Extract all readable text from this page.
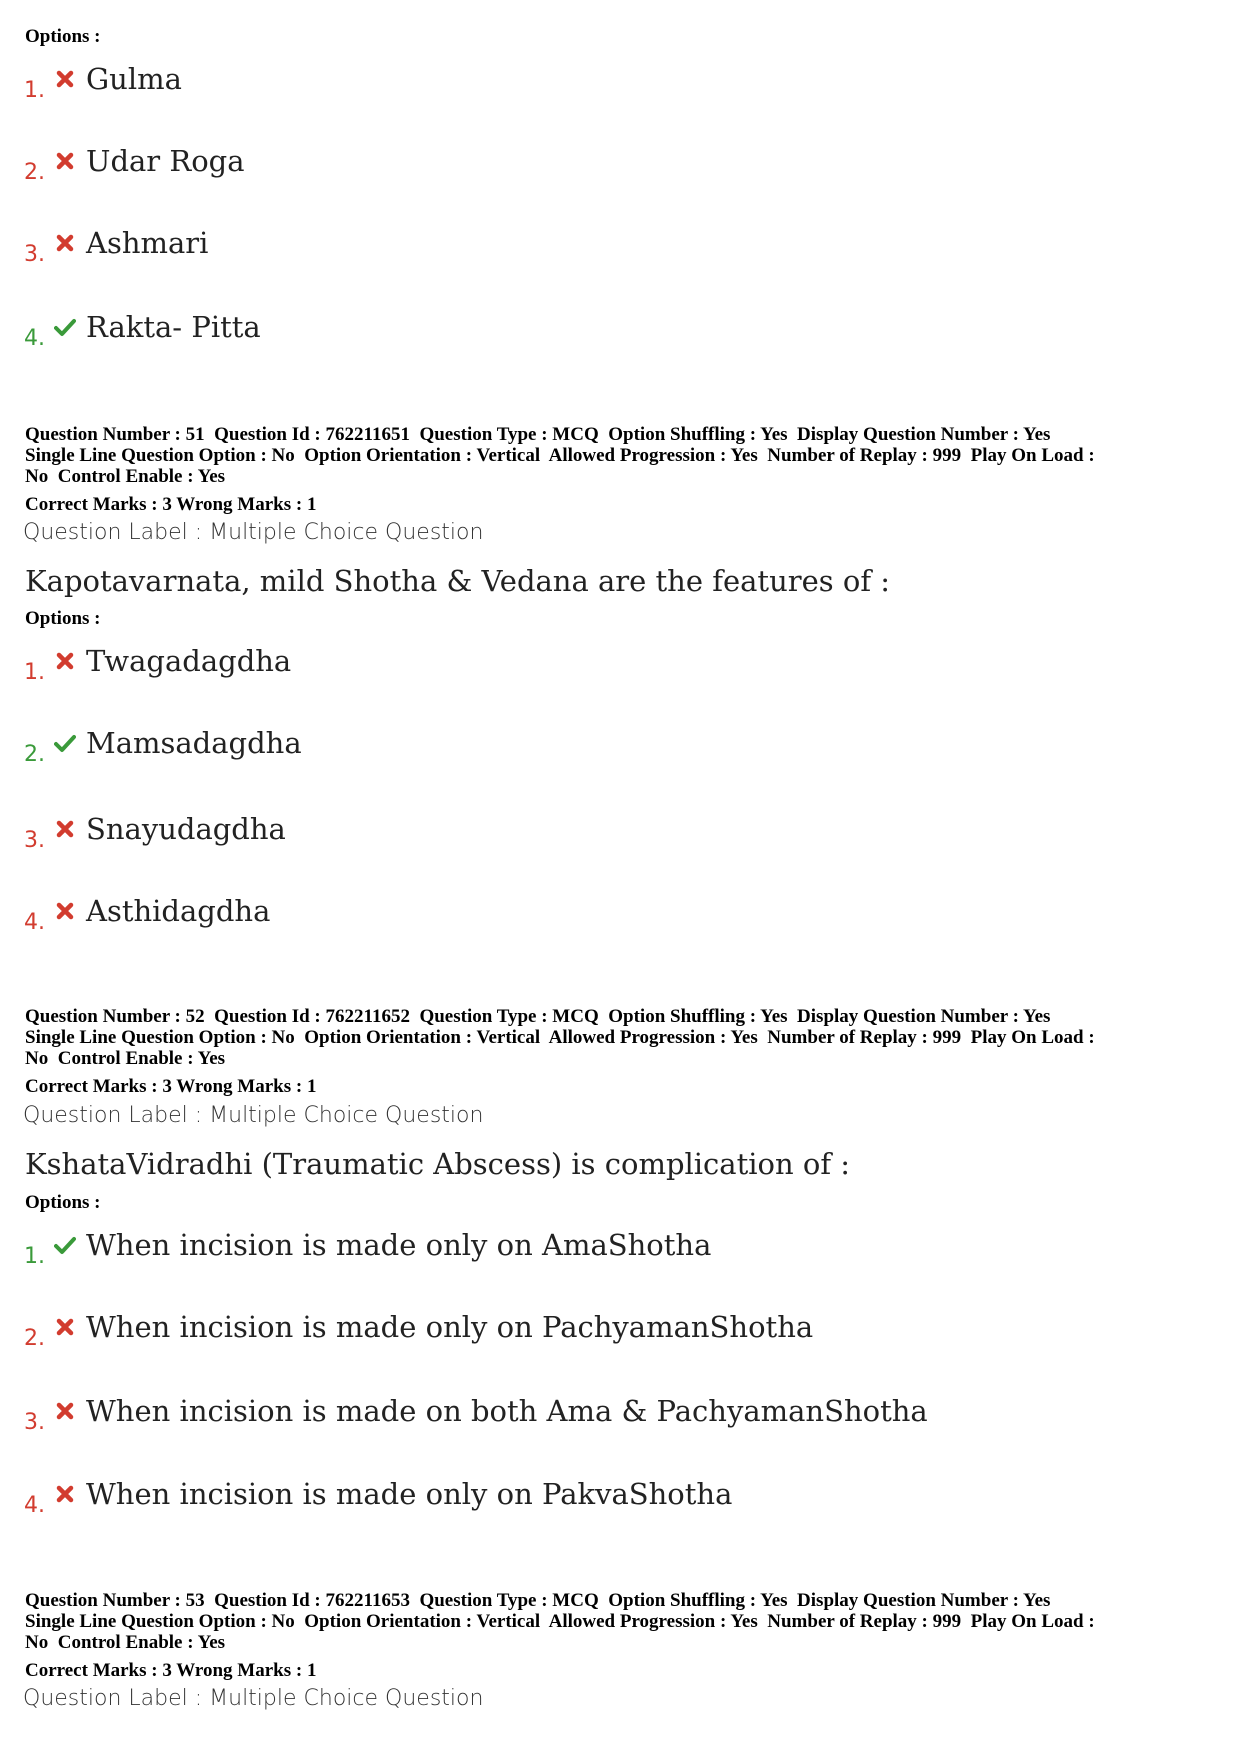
Options :
1. Gulma
2. Udar Roga
3. Ashmari
4. Rakta- Pitta
Question Number : 51  Question Id : 762211651  Question Type : MCQ  Option Shuffling : Yes  Display Question Number : Yes
Single Line Question Option : No  Option Orientation : Vertical  Allowed Progression : Yes  Number of Replay : 999  Play On Load :
No  Control Enable : Yes
Correct Marks : 3 Wrong Marks : 1
Question Label : Multiple Choice Question
Kapotavarnata, mild Shotha & Vedana are the features of :
Options :
1. Twagadagdha
2. Mamsadagdha
3. Snayudagdha
4. Asthidagdha
Question Number : 52  Question Id : 762211652  Question Type : MCQ  Option Shuffling : Yes  Display Question Number : Yes
Single Line Question Option : No  Option Orientation : Vertical  Allowed Progression : Yes  Number of Replay : 999  Play On Load :
No  Control Enable : Yes
Correct Marks : 3 Wrong Marks : 1
Question Label : Multiple Choice Question
KshataVidradhi (Traumatic Abscess) is complication of :
Options :
1. When incision is made only on AmaShotha
2. When incision is made only on PachyamanShotha
3. When incision is made on both Ama & PachyamanShotha
4. When incision is made only on PakvaShotha
Question Number : 53  Question Id : 762211653  Question Type : MCQ  Option Shuffling : Yes  Display Question Number : Yes
Single Line Question Option : No  Option Orientation : Vertical  Allowed Progression : Yes  Number of Replay : 999  Play On Load :
No  Control Enable : Yes
Correct Marks : 3 Wrong Marks : 1
Question Label : Multiple Choice Question
